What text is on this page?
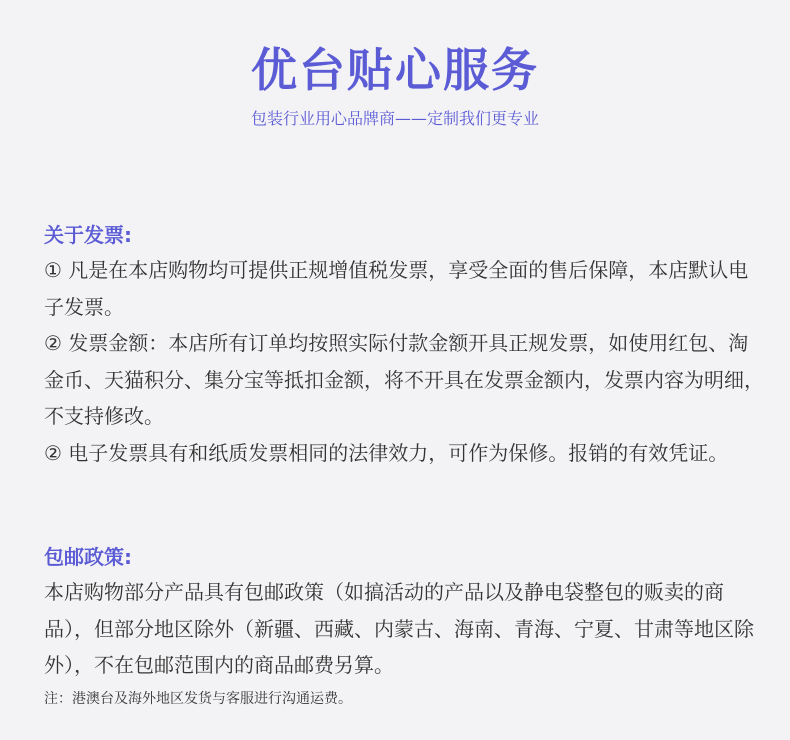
优台贴心服务
包装行业用心品牌商——定制我们更专业
关于发票:

① 凡是在本店购物均可提供正规增值税发票，享受全面的售后保障，本店默认电子发票。

② 发票金额：本店所有订单均按照实际付款金额开具正规发票，如使用红包、淘金币、天猫积分、集分宝等抵扣金额，将不开具在发票金额内，发票内容为明细，不支持修改。

② 电子发票具有和纸质发票相同的法律效力，可作为保修。报销的有效凭证。

包邮政策:

本店购物部分产品具有包邮政策（如搞活动的产品以及静电袋整包的贩卖的商品），但部分地区除外（新疆、西藏、内蒙古、海南、青海、宁夏、甘肃等地区除外），不在包邮范围内的商品邮费另算。

注：港澳台及海外地区发货与客服进行沟通运费。
